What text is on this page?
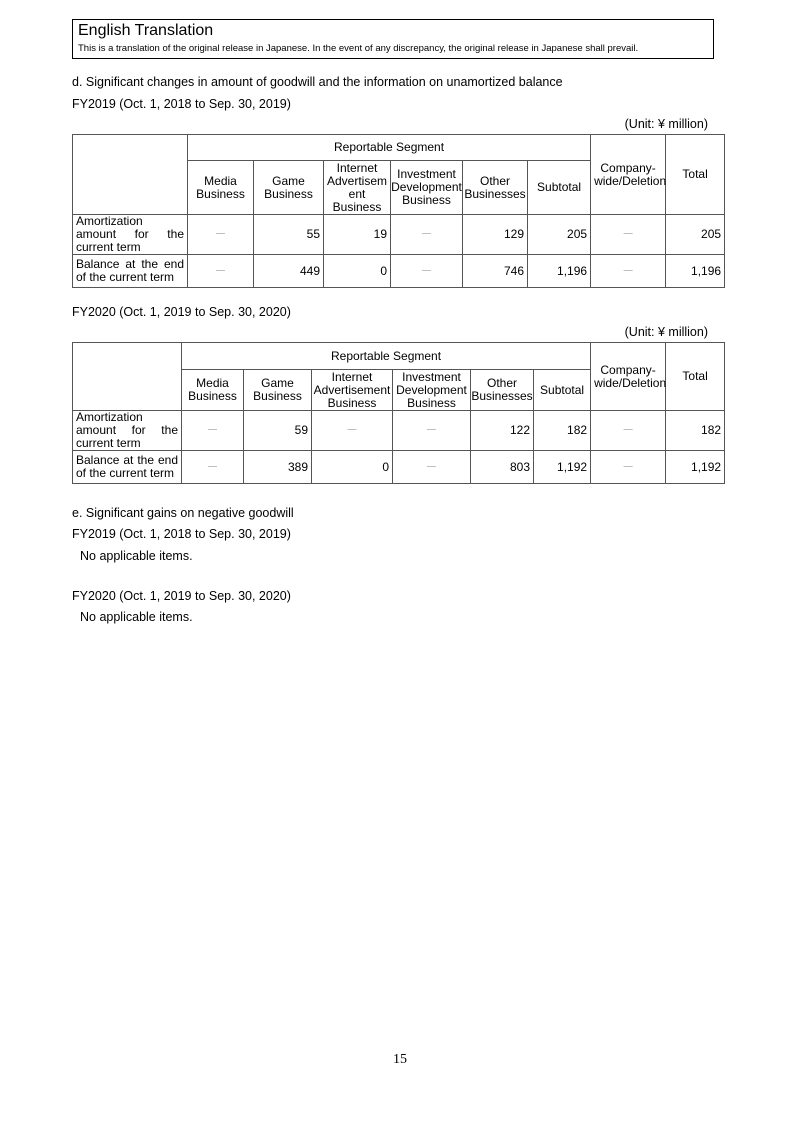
English Translation
This is a translation of the original release in Japanese. In the event of any discrepancy, the original release in Japanese shall prevail.
d. Significant changes in amount of goodwill and the information on unamortized balance
FY2019 (Oct. 1, 2018 to Sep. 30, 2019)
(Unit: ¥ million)
	Reportable Segment						Company-wide/Deletion	Total
	Media Business	Game Business	Internet Advertisem ent Business	Investment Development Business	Other Businesses	Subtotal		
Amortization amount for the current term	－	55	19	－	129	205	－	205
Balance at the end of the current term	－	449	0	－	746	1,196	－	1,196
FY2020 (Oct. 1, 2019 to Sep. 30, 2020)
(Unit: ¥ million)
	Reportable Segment						Company-wide/Deletion	Total
	Media Business	Game Business	Internet Advertisement Business	Investment Development Business	Other Businesses	Subtotal		
Amortization amount for the current term	－	59	－	－	122	182	－	182
Balance at the end of the current term	－	389	0	－	803	1,192	－	1,192
e. Significant gains on negative goodwill
FY2019 (Oct. 1, 2018 to Sep. 30, 2019)
No applicable items.
FY2020 (Oct. 1, 2019 to Sep. 30, 2020)
No applicable items.
15
